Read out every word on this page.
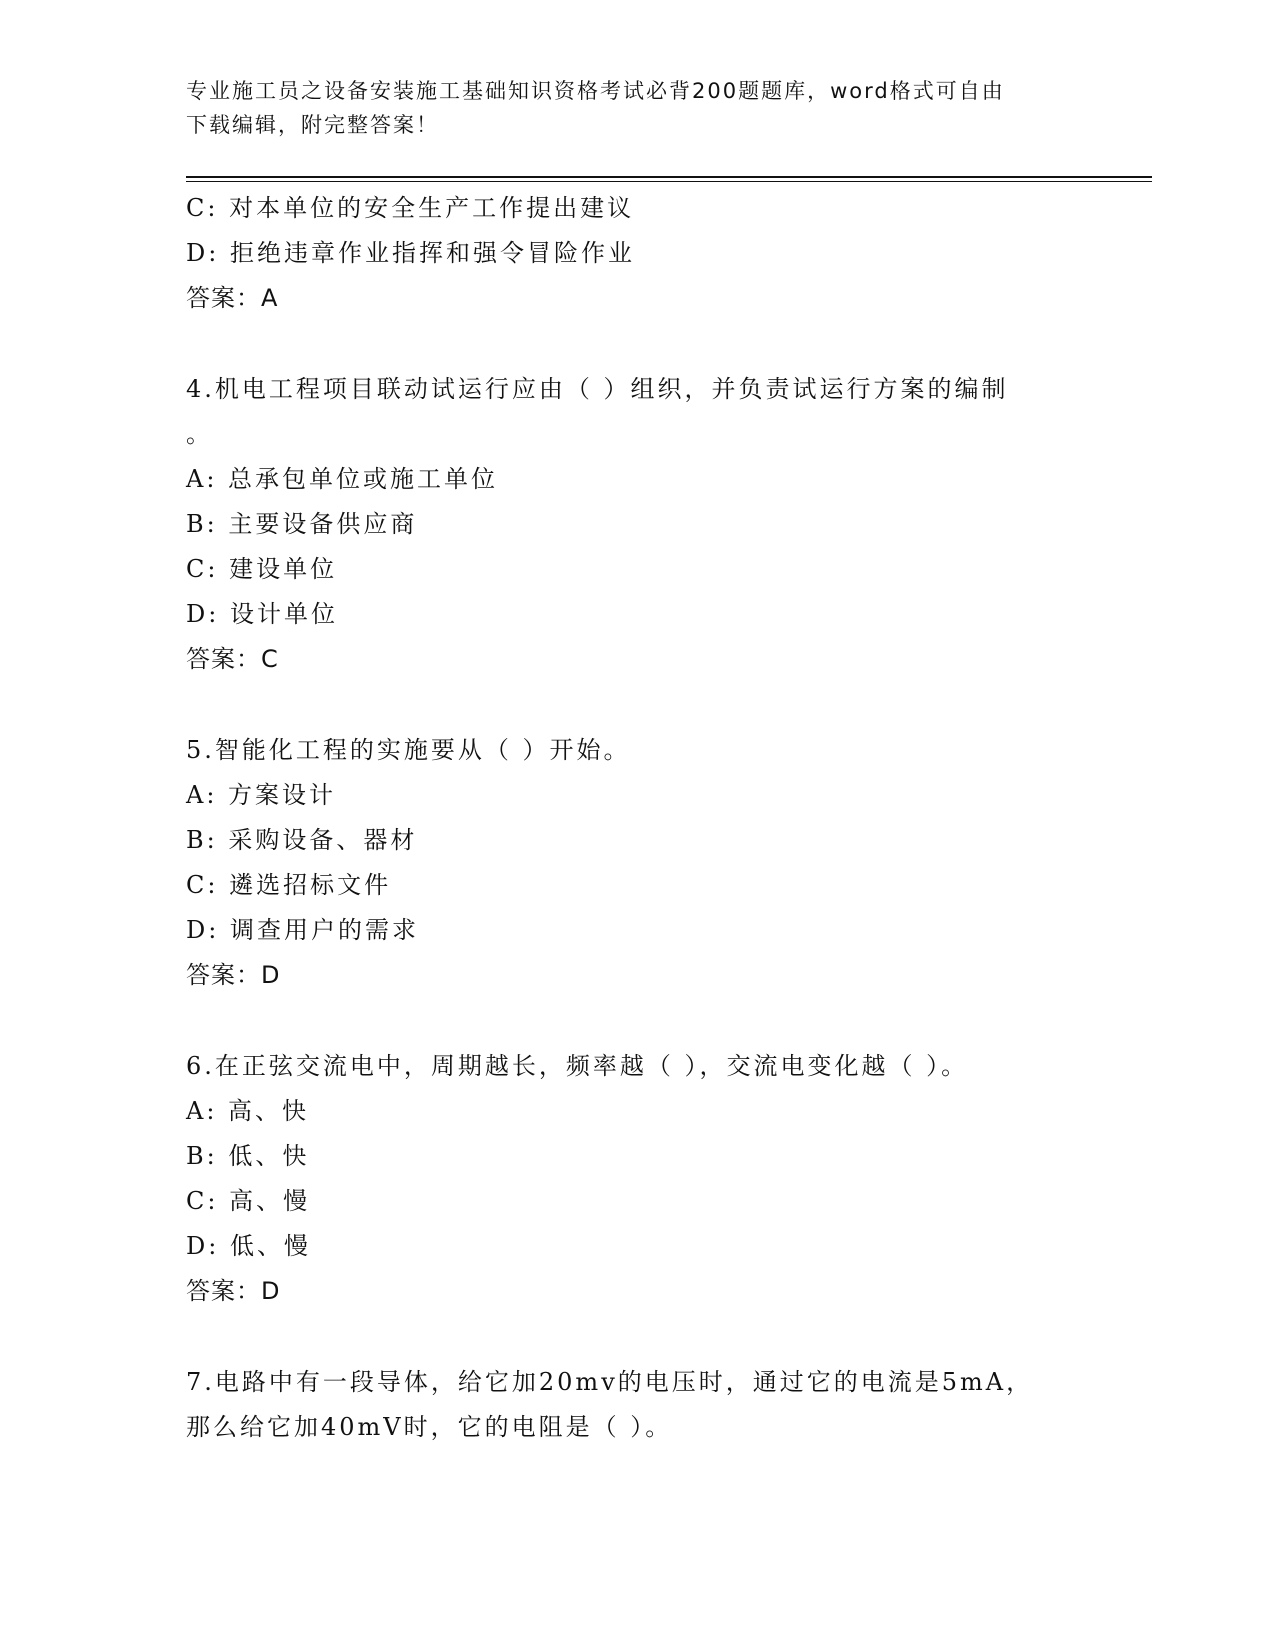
专业施工员之设备安装施工基础知识资格考试必背200题题库，word格式可自由
下载编辑，附完整答案！
C: 对本单位的安全生产工作提出建议
D: 拒绝违章作业指挥和强令冒险作业
答案：A
4.机电工程项目联动试运行应由（ ）组织，并负责试运行方案的编制
。
A: 总承包单位或施工单位
B: 主要设备供应商
C: 建设单位
D: 设计单位
答案：C
5.智能化工程的实施要从（ ）开始。
A: 方案设计
B: 采购设备、器材
C: 遴选招标文件
D: 调查用户的需求
答案：D
6.在正弦交流电中，周期越长，频率越（ ），交流电变化越（ ）。
A: 高、快
B: 低、快
C: 高、慢
D: 低、慢
答案：D
7.电路中有一段导体，给它加20mv的电压时，通过它的电流是5mA，
那么给它加40mV时，它的电阻是（ ）。
